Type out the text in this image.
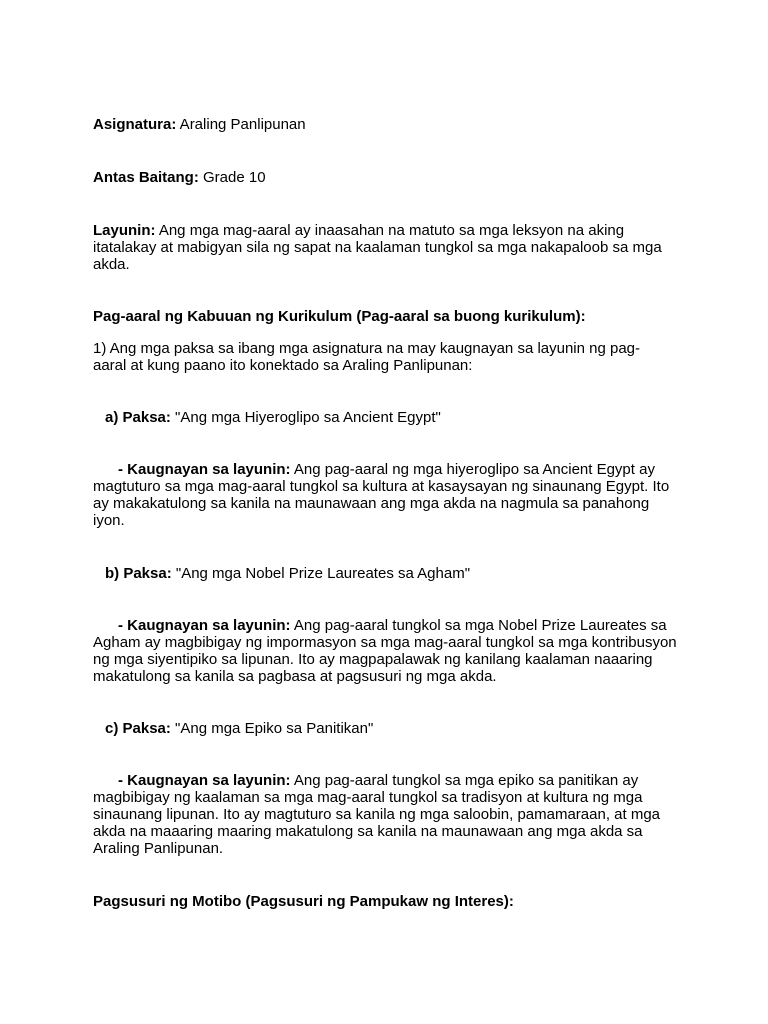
Asignatura: Araling Panlipunan

Antas Baitang: Grade 10

Layunin: Ang mga mag-aaral ay inaasahan na matuto sa mga leksyon na aking itatalakay at mabigyan sila ng sapat na kaalaman tungkol sa mga nakapaloob sa mga akda.

Pag-aaral ng Kabuuan ng Kurikulum (Pag-aaral sa buong kurikulum):

1) Ang mga paksa sa ibang mga asignatura na may kaugnayan sa layunin ng pag-aaral at kung paano ito konektado sa Araling Panlipunan:

a) Paksa: "Ang mga Hiyeroglipo sa Ancient Egypt"

- Kaugnayan sa layunin: Ang pag-aaral ng mga hiyeroglipo sa Ancient Egypt ay magtuturo sa mga mag-aaral tungkol sa kultura at kasaysayan ng sinaunang Egypt. Ito ay makakatulong sa kanila na maunawaan ang mga akda na nagmula sa panahong iyon.

b) Paksa: "Ang mga Nobel Prize Laureates sa Agham"

- Kaugnayan sa layunin: Ang pag-aaral tungkol sa mga Nobel Prize Laureates sa Agham ay magbibigay ng impormasyon sa mga mag-aaral tungkol sa mga kontribusyon ng mga siyentipiko sa lipunan. Ito ay magpapalawak ng kanilang kaalaman naaaring makatulong sa kanila sa pagbasa at pagsusuri ng mga akda.

c) Paksa: "Ang mga Epiko sa Panitikan"

- Kaugnayan sa layunin: Ang pag-aaral tungkol sa mga epiko sa panitikan ay magbibigay ng kaalaman sa mga mag-aaral tungkol sa tradisyon at kultura ng mga sinaunang lipunan. Ito ay magtuturo sa kanila ng mga saloobin, pamamaraan, at mga akda na maaaring maaring makatulong sa kanila na maunawaan ang mga akda sa Araling Panlipunan.

Pagsusuri ng Motibo (Pagsusuri ng Pampukaw ng Interes):
